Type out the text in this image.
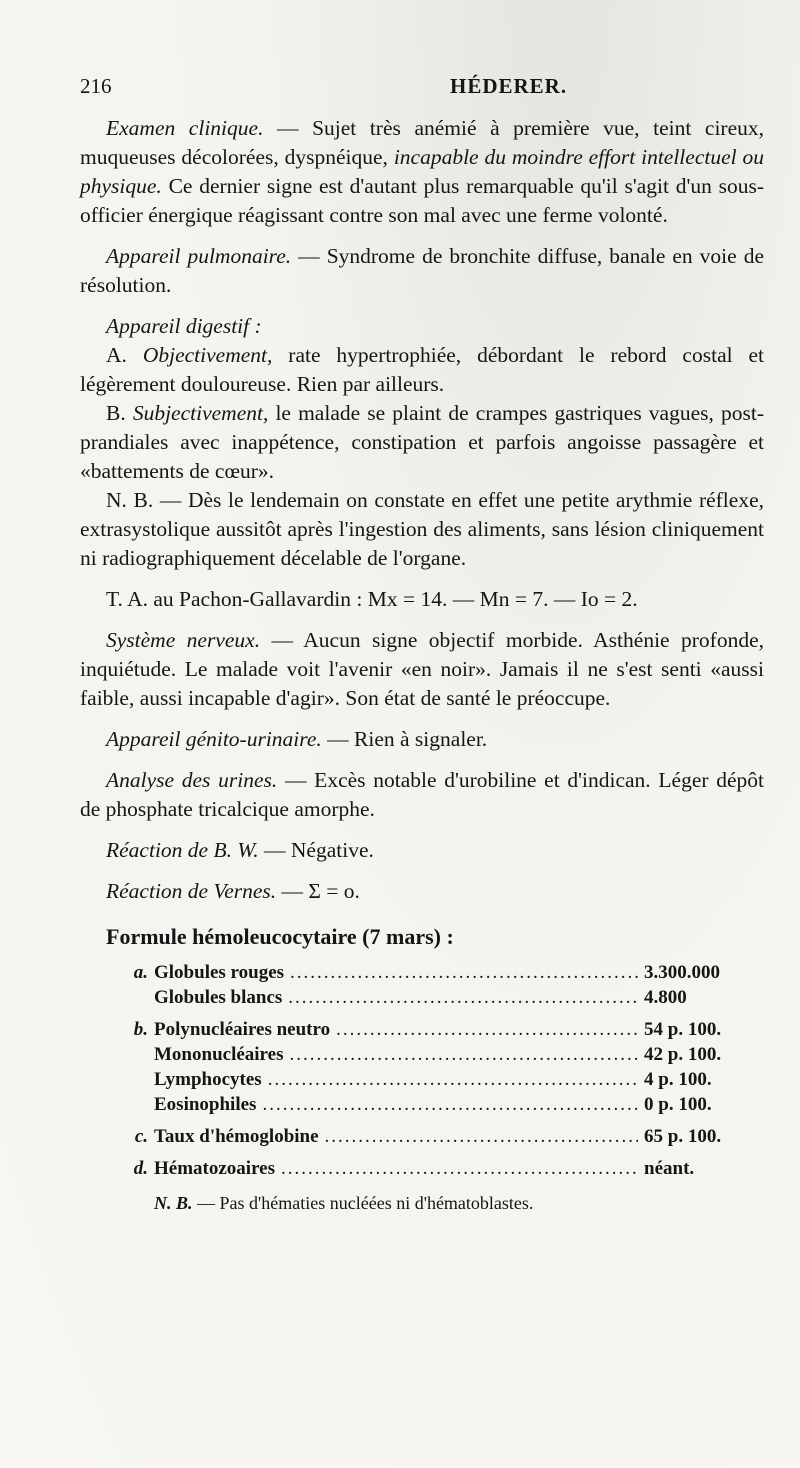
216	HÉDERER.

Examen clinique. — Sujet très anémié à première vue, teint cireux, muqueuses décolorées, dyspnéique, incapable du moindre effort intellectuel ou physique. Ce dernier signe est d'autant plus remarquable qu'il s'agit d'un sous-officier énergique réagissant contre son mal avec une ferme volonté.

Appareil pulmonaire. — Syndrome de bronchite diffuse, banale en voie de résolution.

Appareil digestif :

A. Objectivement, rate hypertrophiée, débordant le rebord costal et légèrement douloureuse. Rien par ailleurs.

B. Subjectivement, le malade se plaint de crampes gastriques vagues, post-prandiales avec inappétence, constipation et parfois angoisse passagère et «battements de cœur».

N. B. — Dès le lendemain on constate en effet une petite arythmie réflexe, extrasystolique aussitôt après l'ingestion des aliments, sans lésion cliniquement ni radiographiquement décelable de l'organe.

T. A. au Pachon-Gallavardin : Mx = 14. — Mn = 7. — Io = 2.

Système nerveux. — Aucun signe objectif morbide. Asthénie profonde, inquiétude. Le malade voit l'avenir «en noir». Jamais il ne s'est senti «aussi faible, aussi incapable d'agir». Son état de santé le préoccupe.

Appareil génito-urinaire. — Rien à signaler.

Analyse des urines. — Excès notable d'urobiline et d'indican. Léger dépôt de phosphate tricalcique amorphe.

Réaction de B. W. — Négative.

Réaction de Vernes. — Σ = o.

Formule hémoleucocytaire (7 mars) :
a. Globules rouges .....	3.300.000
Globules blancs .....	4.800
b. Polynucléaires neutro .....	54 p. 100.
Mononucléaires .....	42 p. 100.
Lymphocytes .....	4 p. 100.
Eosinophiles .....	0 p. 100.
c. Taux d'hémoglobine .....	65 p. 100.
d. Hématozoaires .....	néant.

N. B. — Pas d'hématies nucléées ni d'hématoblastes.
